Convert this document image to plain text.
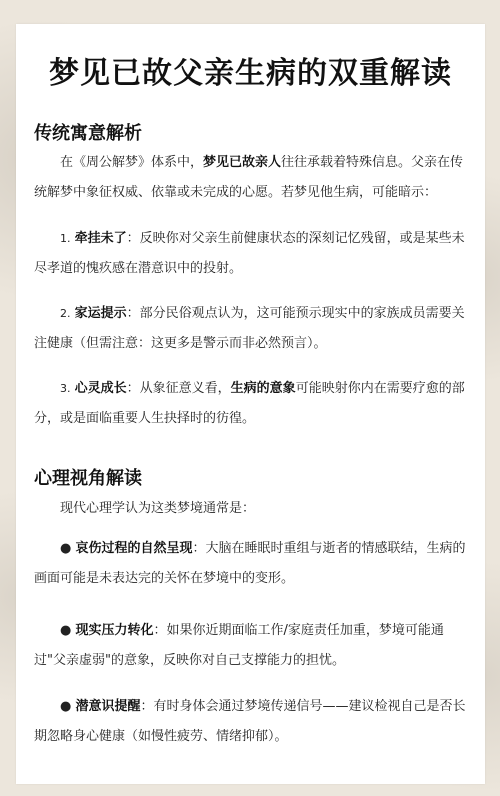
梦见已故父亲生病的双重解读
传统寓意解析
在《周公解梦》体系中，梦见已故亲人往往承载着特殊信息。父亲在传统解梦中象征权威、依靠或未完成的心愿。若梦见他生病，可能暗示：
1. 牵挂未了：反映你对父亲生前健康状态的深刻记忆残留，或是某些未尽孝道的愧疚感在潜意识中的投射。
2. 家运提示：部分民俗观点认为，这可能预示现实中的家族成员需要关注健康（但需注意：这更多是警示而非必然预言）。
3. 心灵成长：从象征意义看，生病的意象可能映射你内在需要疗愈的部分，或是面临重要人生抉择时的彷徨。
心理视角解读
现代心理学认为这类梦境通常是：
● 哀伤过程的自然呈现：大脑在睡眠时重组与逝者的情感联结，生病的画面可能是未表达完的关怀在梦境中的变形。
● 现实压力转化：如果你近期面临工作/家庭责任加重，梦境可能通过"父亲虚弱"的意象，反映你对自己支撑能力的担忧。
● 潜意识提醒：有时身体会通过梦境传递信号——建议检视自己是否长期忽略身心健康（如慢性疲劳、情绪抑郁）。
